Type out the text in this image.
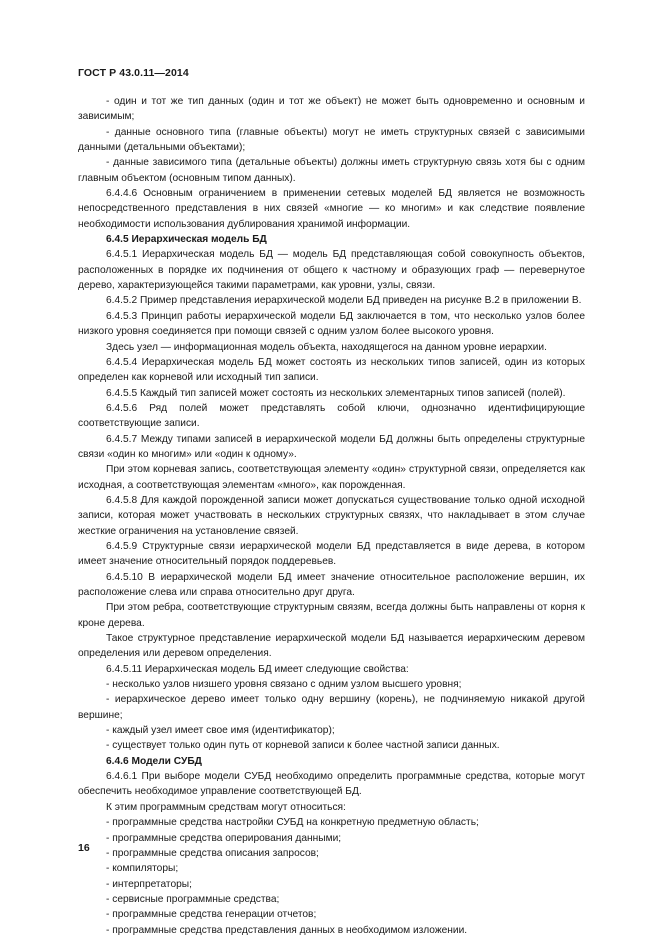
ГОСТ Р 43.0.11—2014

- один и тот же тип данных (один и тот же объект) не может быть одновременно и основным и зависимым;

- данные основного типа (главные объекты) могут не иметь структурных связей с зависимыми данными (детальными объектами);

- данные зависимого типа (детальные объекты) должны иметь структурную связь хотя бы с одним главным объектом (основным типом данных).

6.4.4.6 Основным ограничением в применении сетевых моделей БД является не возможность непосредственного представления в них связей «многие — ко многим» и как следствие появление необходимости использования дублирования хранимой информации.

6.4.5 Иерархическая модель БД

6.4.5.1 Иерархическая модель БД — модель БД представляющая собой совокупность объектов, расположенных в порядке их подчинения от общего к частному и образующих граф — перевернутое дерево, характеризующейся такими параметрами, как уровни, узлы, связи.

6.4.5.2 Пример представления иерархической модели БД приведен на рисунке В.2 в приложении В.

6.4.5.3 Принцип работы иерархической модели БД заключается в том, что несколько узлов более низкого уровня соединяется при помощи связей с одним узлом более высокого уровня.

Здесь узел — информационная модель объекта, находящегося на данном уровне иерархии.

6.4.5.4 Иерархическая модель БД может состоять из нескольких типов записей, один из которых определен как корневой или исходный тип записи.

6.4.5.5 Каждый тип записей может состоять из нескольких элементарных типов записей (полей).

6.4.5.6 Ряд полей может представлять собой ключи, однозначно идентифицирующие соответствующие записи.

6.4.5.7 Между типами записей в иерархической модели БД должны быть определены структурные связи «один ко многим» или «один к одному».

При этом корневая запись, соответствующая элементу «один» структурной связи, определяется как исходная, а соответствующая элементам «много», как порожденная.

6.4.5.8 Для каждой порожденной записи может допускаться существование только одной исходной записи, которая может участвовать в нескольких структурных связях, что накладывает в этом случае жесткие ограничения на установление связей.

6.4.5.9 Структурные связи иерархической модели БД представляется в виде дерева, в котором имеет значение относительный порядок поддеревьев.

6.4.5.10 В иерархической модели БД имеет значение относительное расположение вершин, их расположение слева или справа относительно друг друга.

При этом ребра, соответствующие структурным связям, всегда должны быть направлены от корня к кроне дерева.

Такое структурное представление иерархической модели БД называется иерархическим деревом определения или деревом определения.

6.4.5.11 Иерархическая модель БД имеет следующие свойства:

- несколько узлов низшего уровня связано с одним узлом высшего уровня;

- иерархическое дерево имеет только одну вершину (корень), не подчиняемую никакой другой вершине;

- каждый узел имеет свое имя (идентификатор);

- существует только один путь от корневой записи к более частной записи данных.

6.4.6 Модели СУБД

6.4.6.1 При выборе модели СУБД необходимо определить программные средства, которые могут обеспечить необходимое управление соответствующей БД.

К этим программным средствам могут относиться:

- программные средства настройки СУБД на конкретную предметную область;

- программные средства оперирования данными;

- программные средства описания запросов;

- компиляторы;

- интерпретаторы;

- сервисные программные средства;

- программные средства генерации отчетов;

- программные средства представления данных в необходимом изложении.

16
